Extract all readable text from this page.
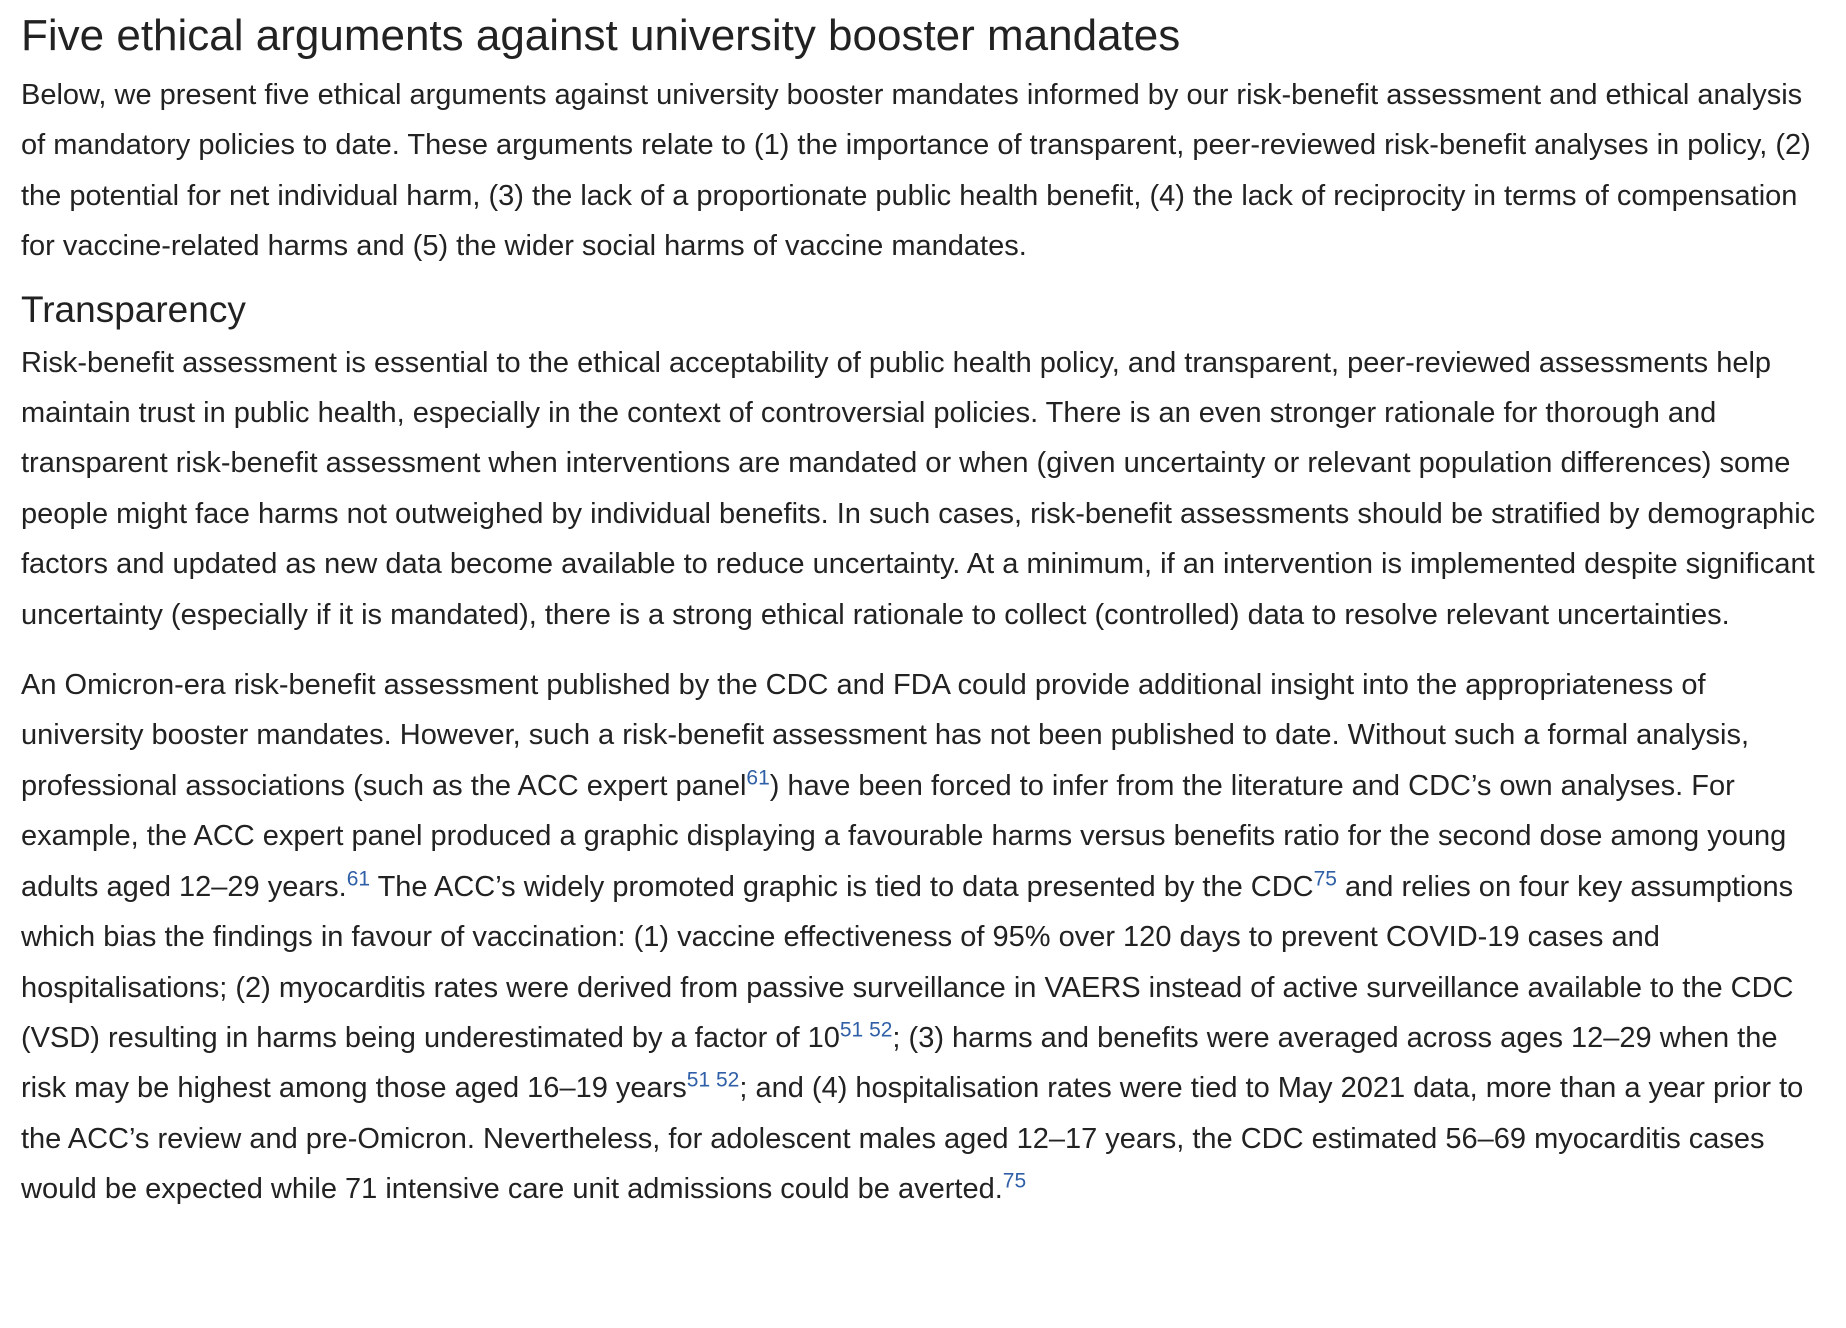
Five ethical arguments against university booster mandates

Below, we present five ethical arguments against university booster mandates informed by our risk-benefit assessment and ethical analysis of mandatory policies to date. These arguments relate to (1) the importance of transparent, peer-reviewed risk-benefit analyses in policy, (2) the potential for net individual harm, (3) the lack of a proportionate public health benefit, (4) the lack of reciprocity in terms of compensation for vaccine-related harms and (5) the wider social harms of vaccine mandates.

Transparency

Risk-benefit assessment is essential to the ethical acceptability of public health policy, and transparent, peer-reviewed assessments help maintain trust in public health, especially in the context of controversial policies. There is an even stronger rationale for thorough and transparent risk-benefit assessment when interventions are mandated or when (given uncertainty or relevant population differences) some people might face harms not outweighed by individual benefits. In such cases, risk-benefit assessments should be stratified by demographic factors and updated as new data become available to reduce uncertainty. At a minimum, if an intervention is implemented despite significant uncertainty (especially if it is mandated), there is a strong ethical rationale to collect (controlled) data to resolve relevant uncertainties.

An Omicron-era risk-benefit assessment published by the CDC and FDA could provide additional insight into the appropriateness of university booster mandates. However, such a risk-benefit assessment has not been published to date. Without such a formal analysis, professional associations (such as the ACC expert panel$^{61}$) have been forced to infer from the literature and CDC’s own analyses. For example, the ACC expert panel produced a graphic displaying a favourable harms versus benefits ratio for the second dose among young adults aged 12–29 years.$^{61}$ The ACC’s widely promoted graphic is tied to data presented by the CDC$^{75}$ and relies on four key assumptions which bias the findings in favour of vaccination: (1) vaccine effectiveness of 95% over 120 days to prevent COVID-19 cases and hospitalisations; (2) myocarditis rates were derived from passive surveillance in VAERS instead of active surveillance available to the CDC (VSD) resulting in harms being underestimated by a factor of 10$^{51 52}$; (3) harms and benefits were averaged across ages 12–29 when the risk may be highest among those aged 16–19 years$^{51 52}$; and (4) hospitalisation rates were tied to May 2021 data, more than a year prior to the ACC’s review and pre-Omicron. Nevertheless, for adolescent males aged 12–17 years, the CDC estimated 56–69 myocarditis cases would be expected while 71 intensive care unit admissions could be averted.$^{75}$
